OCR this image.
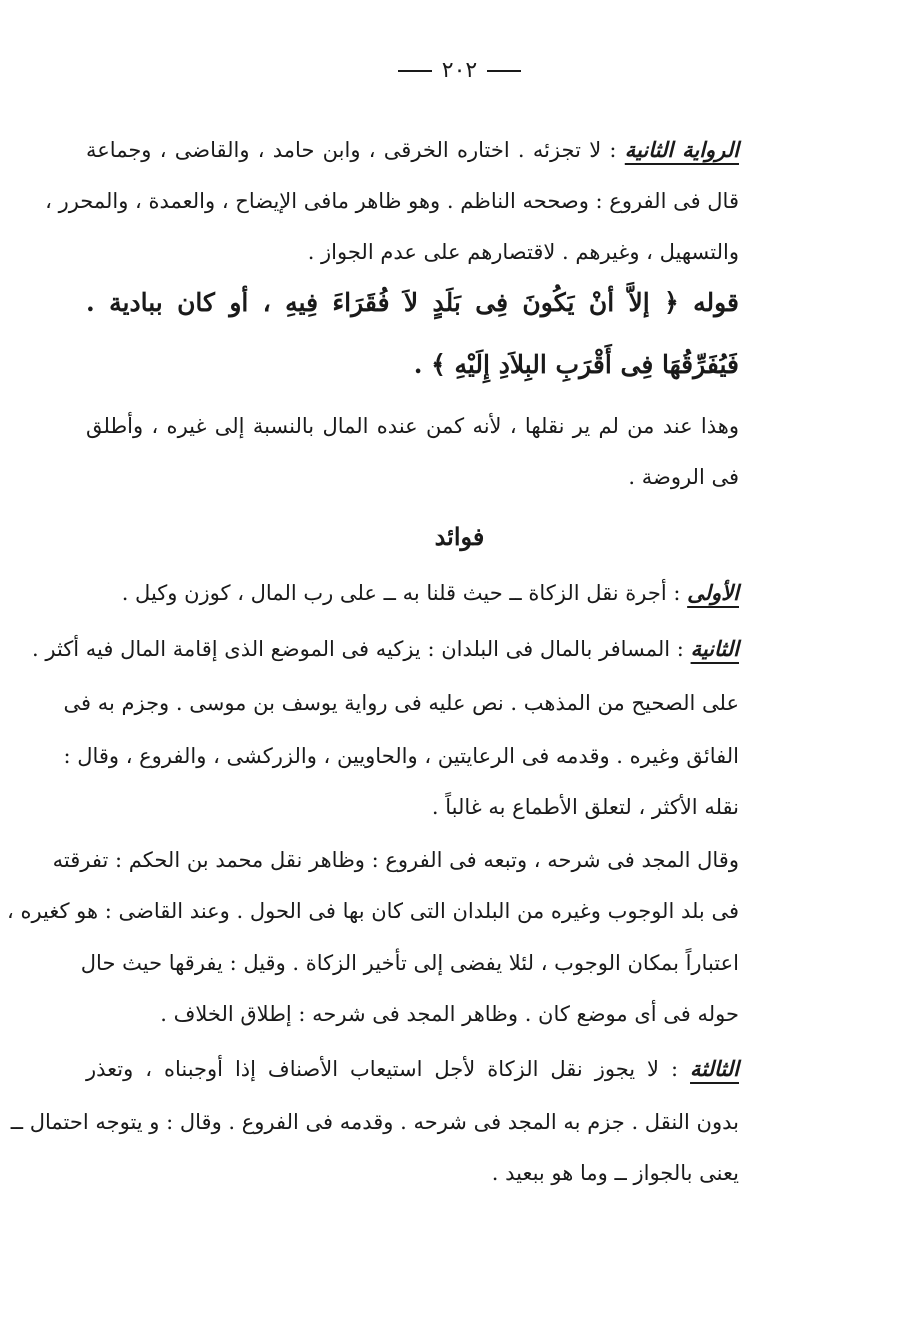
٢٠٢
الرواية الثانية : لا تجزئه . اختاره الخرقى ، وابن حامد ، والقاضى ، وجماعة
قال فى الفروع : وصححه الناظم . وهو ظاهر مافى الإيضاح ، والعمدة ، والمحرر ،
والتسهيل ، وغيرهم . لاقتصارهم على عدم الجواز .
قوله ﴿ إلاَّ أنْ يَكُونَ فِى بَلَدٍ لاَ فُقَرَاءَ فِيهِ ، أو كان ببادية .
فَيُفَرِّقُهَا فِى أَقْرَبِ البِلاَدِ إِلَيْهِ ﴾ .
وهذا عند من لم ير نقلها ، لأنه كمن عنده المال بالنسبة إلى غيره ، وأطلق
فى الروضة .
فوائد
الأولى : أجرة نقل الزكاة ــ حيث قلنا به ــ على رب المال ، كوزن وكيل .
الثانية : المسافر بالمال فى البلدان : يزكيه فى الموضع الذى إقامة المال فيه أكثر .
على الصحيح من المذهب . نص عليه فى رواية يوسف بن موسى . وجزم به فى
الفائق وغيره . وقدمه فى الرعايتين ، والحاويين ، والزركشى ، والفروع ، وقال :
نقله الأكثر ، لتعلق الأطماع به غالباً .
وقال المجد فى شرحه ، وتبعه فى الفروع : وظاهر نقل محمد بن الحكم : تفرقته
فى بلد الوجوب وغيره من البلدان التى كان بها فى الحول . وعند القاضى : هو كغيره ،
اعتباراً بمكان الوجوب ، لئلا يفضى إلى تأخير الزكاة . وقيل : يفرقها حيث حال
حوله فى أى موضع كان . وظاهر المجد فى شرحه : إطلاق الخلاف .
الثالثة : لا يجوز نقل الزكاة لأجل استيعاب الأصناف إذا أوجبناه ، وتعذر
بدون النقل . جزم به المجد فى شرحه . وقدمه فى الفروع . وقال : و يتوجه احتمال ــ
يعنى بالجواز ــ وما هو ببعيد .
